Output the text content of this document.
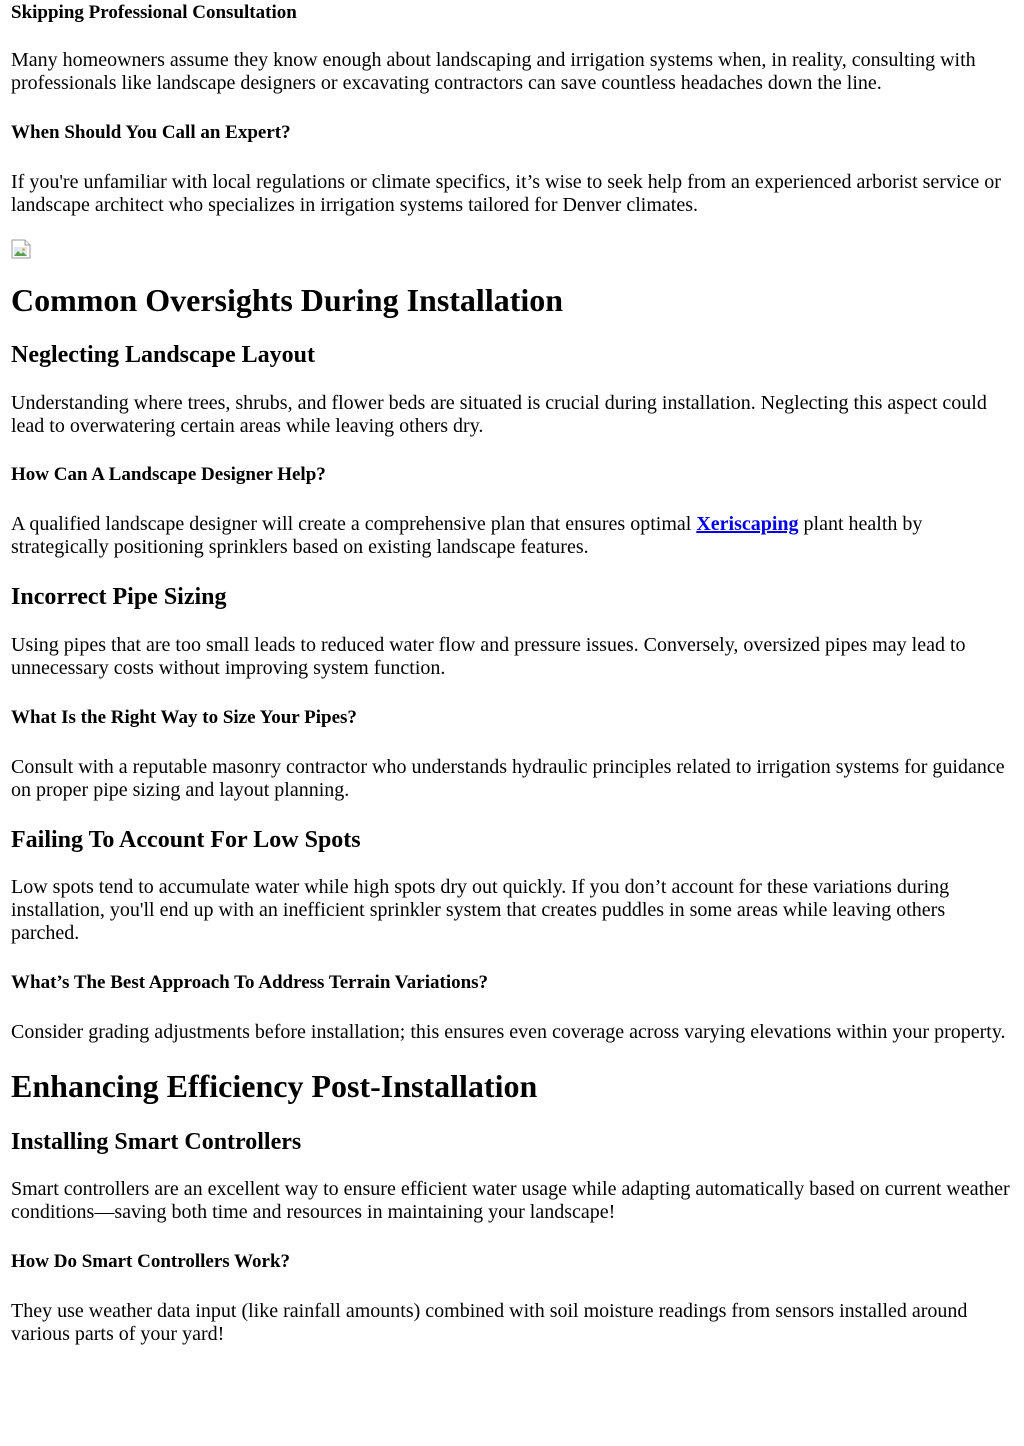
Skipping Professional Consultation

Many homeowners assume they know enough about landscaping and irrigation systems when, in reality, consulting with professionals like landscape designers or excavating contractors can save countless headaches down the line.

When Should You Call an Expert?

If you're unfamiliar with local regulations or climate specifics, it’s wise to seek help from an experienced arborist service or landscape architect who specializes in irrigation systems tailored for Denver climates.

Common Oversights During Installation
Neglecting Landscape Layout

Understanding where trees, shrubs, and flower beds are situated is crucial during installation. Neglecting this aspect could lead to overwatering certain areas while leaving others dry.

How Can A Landscape Designer Help?

A qualified landscape designer will create a comprehensive plan that ensures optimal Xeriscaping plant health by strategically positioning sprinklers based on existing landscape features.

Incorrect Pipe Sizing

Using pipes that are too small leads to reduced water flow and pressure issues. Conversely, oversized pipes may lead to unnecessary costs without improving system function.

What Is the Right Way to Size Your Pipes?

Consult with a reputable masonry contractor who understands hydraulic principles related to irrigation systems for guidance on proper pipe sizing and layout planning.

Failing To Account For Low Spots

Low spots tend to accumulate water while high spots dry out quickly. If you don’t account for these variations during installation, you'll end up with an inefficient sprinkler system that creates puddles in some areas while leaving others parched.

What’s The Best Approach To Address Terrain Variations?

Consider grading adjustments before installation; this ensures even coverage across varying elevations within your property.

Enhancing Efficiency Post-Installation
Installing Smart Controllers

Smart controllers are an excellent way to ensure efficient water usage while adapting automatically based on current weather conditions—saving both time and resources in maintaining your landscape!

How Do Smart Controllers Work?

They use weather data input (like rainfall amounts) combined with soil moisture readings from sensors installed around various parts of your yard!
